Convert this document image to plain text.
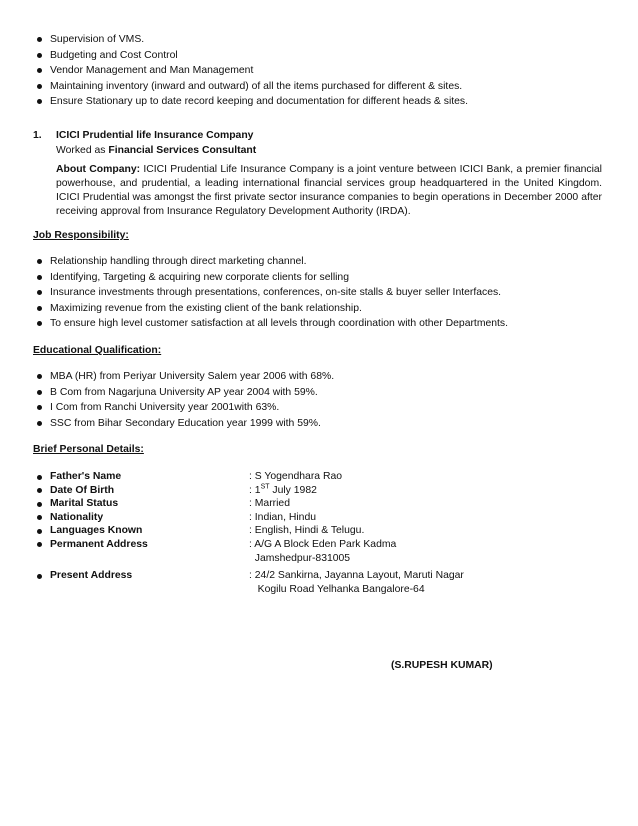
Supervision of VMS.
Budgeting and Cost Control
Vendor Management and Man Management
Maintaining inventory (inward and outward) of all the items purchased for different & sites.
Ensure Stationary up to date record keeping and documentation for different heads & sites.
1. ICICI Prudential life Insurance Company
Worked as Financial Services Consultant
About Company: ICICI Prudential Life Insurance Company is a joint venture between ICICI Bank, a premier financial powerhouse, and prudential, a leading international financial services group headquartered in the United Kingdom. ICICI Prudential was amongst the first private sector insurance companies to begin operations in December 2000 after receiving approval from Insurance Regulatory Development Authority (IRDA).
Job Responsibility:
Relationship handling through direct marketing channel.
Identifying, Targeting & acquiring new corporate clients for selling
Insurance investments through presentations, conferences, on-site stalls & buyer seller Interfaces.
Maximizing revenue from the existing client of the bank relationship.
To ensure high level customer satisfaction at all levels through coordination with other Departments.
Educational Qualification:
MBA (HR) from Periyar University Salem year 2006 with 68%.
B Com from Nagarjuna University AP year 2004 with 59%.
I Com from Ranchi University year 2001with 63%.
SSC from Bihar Secondary Education year 1999 with 59%.
Brief Personal Details:
Father's Name	: S Yogendhara Rao
Date Of Birth	: 1ST July 1982
Marital Status	: Married
Nationality	: Indian, Hindu
Languages Known	: English, Hindi & Telugu.
Permanent Address	: A/G A Block Eden Park Kadma
Jamshedpur-831005
Present Address	: 24/2 Sankirna, Jayanna Layout, Maruti Nagar
Kogilu Road Yelhanka Bangalore-64
(S.RUPESH KUMAR)
